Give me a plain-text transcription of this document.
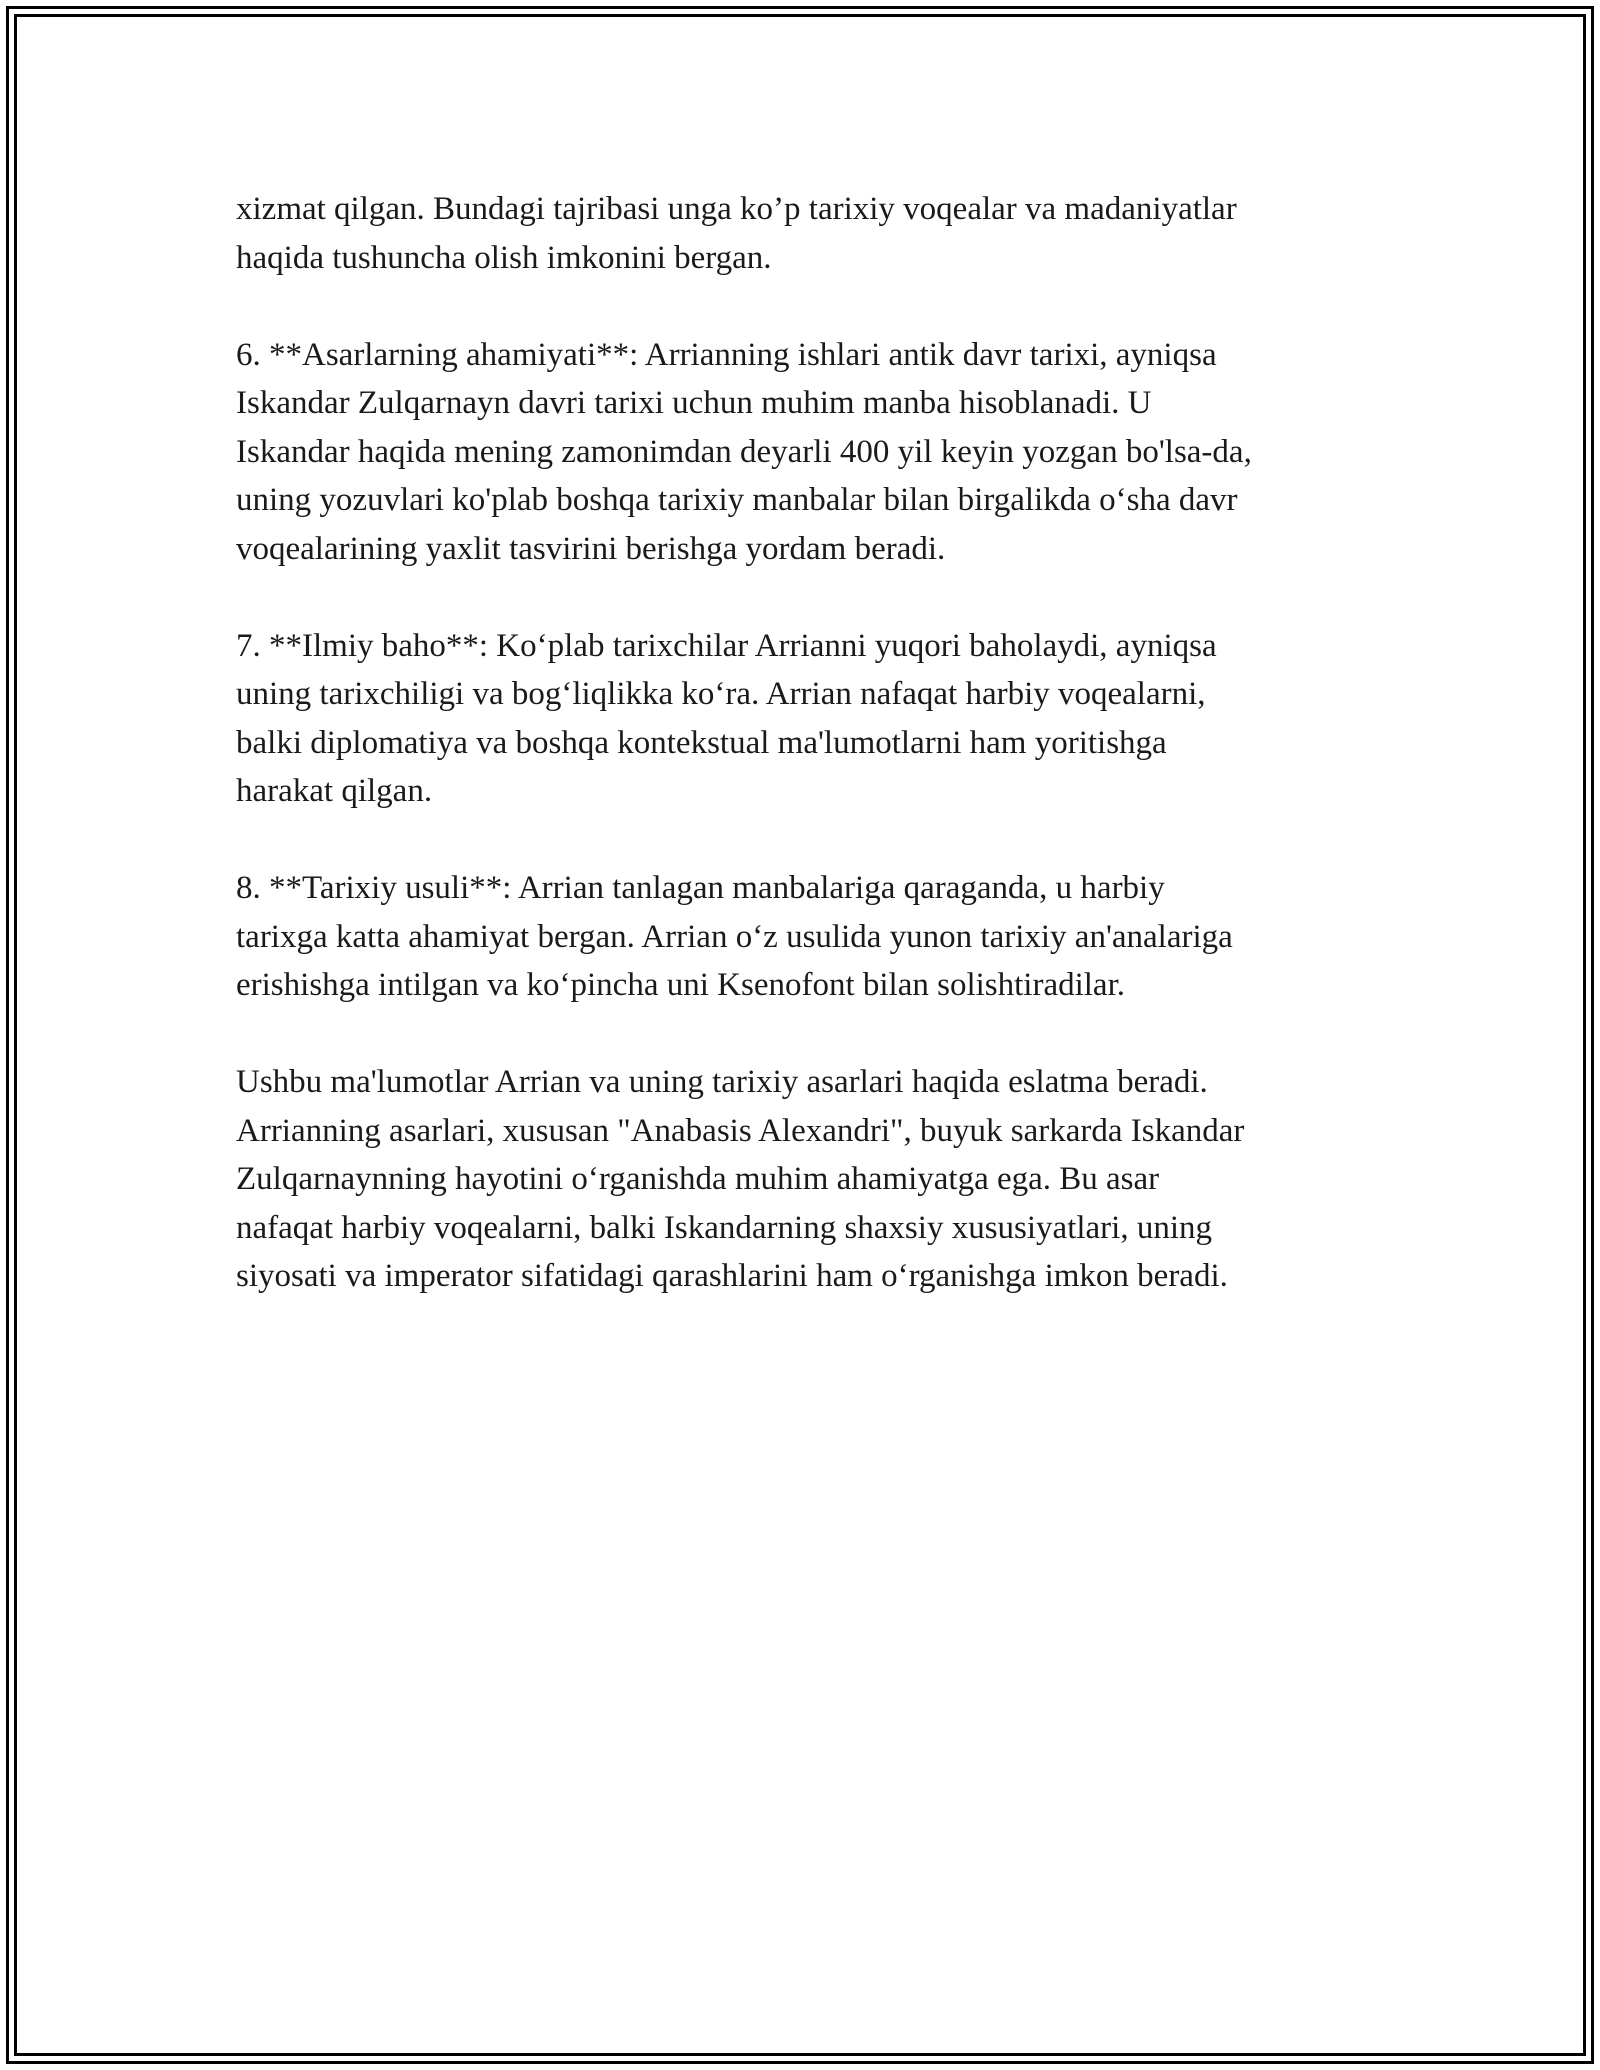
xizmat qilgan. Bundagi tajribasi unga ko’p tarixiy voqealar va madaniyatlar
haqida tushuncha olish imkonini bergan.

6. **Asarlarning ahamiyati**: Arrianning ishlari antik davr tarixi, ayniqsa
Iskandar Zulqarnayn davri tarixi uchun muhim manba hisoblanadi. U
Iskandar haqida mening zamonimdan deyarli 400 yil keyin yozgan bo'lsa-da,
uning yozuvlari ko'plab boshqa tarixiy manbalar bilan birgalikda o‘sha davr
voqealarining yaxlit tasvirini berishga yordam beradi.

7. **Ilmiy baho**: Ko‘plab tarixchilar Arrianni yuqori baholaydi, ayniqsa
uning tarixchiligi va bog‘liqlikka ko‘ra. Arrian nafaqat harbiy voqealarni,
balki diplomatiya va boshqa kontekstual ma'lumotlarni ham yoritishga
harakat qilgan.

8. **Tarixiy usuli**: Arrian tanlagan manbalariga qaraganda, u harbiy
tarixga katta ahamiyat bergan. Arrian o‘z usulida yunon tarixiy an'analariga
erishishga intilgan va ko‘pincha uni Ksenofont bilan solishtiradilar.

Ushbu ma'lumotlar Arrian va uning tarixiy asarlari haqida eslatma beradi.
Arrianning asarlari, xususan "Anabasis Alexandri", buyuk sarkarda Iskandar
Zulqarnaynning hayotini o‘rganishda muhim ahamiyatga ega. Bu asar
nafaqat harbiy voqealarni, balki Iskandarning shaxsiy xususiyatlari, uning
siyosati va imperator sifatidagi qarashlarini ham o‘rganishga imkon beradi.
